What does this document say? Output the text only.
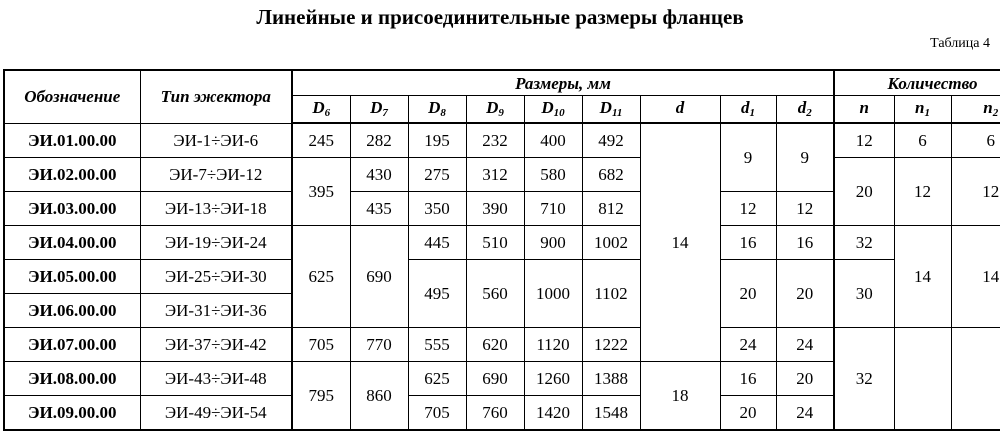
Линейные и присоединительные размеры фланцев
Таблица 4
Обозначение	Тип эжектора	Размеры, мм									Количество		
		$D_6$	$D_7$	$D_8$	$D_9$	$D_{10}$	$D_{11}$	d	$d_1$	$d_2$	n	$n_1$	$n_2$
ЭИ.01.00.00	ЭИ-1÷ЭИ-6	245	282	195	232	400	492	14	9	9	12	6	6
ЭИ.02.00.00	ЭИ-7÷ЭИ-12	395	430	275	312	580	682				20	12	12
ЭИ.03.00.00	ЭИ-13÷ЭИ-18		435	350	390	710	812		12	12			
ЭИ.04.00.00	ЭИ-19÷ЭИ-24	625	690	445	510	900	1002		16	16	32	14	14
ЭИ.05.00.00	ЭИ-25÷ЭИ-30			495	560	1000	1102		20	20	30		
ЭИ.06.00.00	ЭИ-31÷ЭИ-36												
ЭИ.07.00.00	ЭИ-37÷ЭИ-42	705	770	555	620	1120	1222		24	24	32		
ЭИ.08.00.00	ЭИ-43÷ЭИ-48	795	860	625	690	1260	1388	18	16	20			
ЭИ.09.00.00	ЭИ-49÷ЭИ-54			705	760	1420	1548		20	24			
